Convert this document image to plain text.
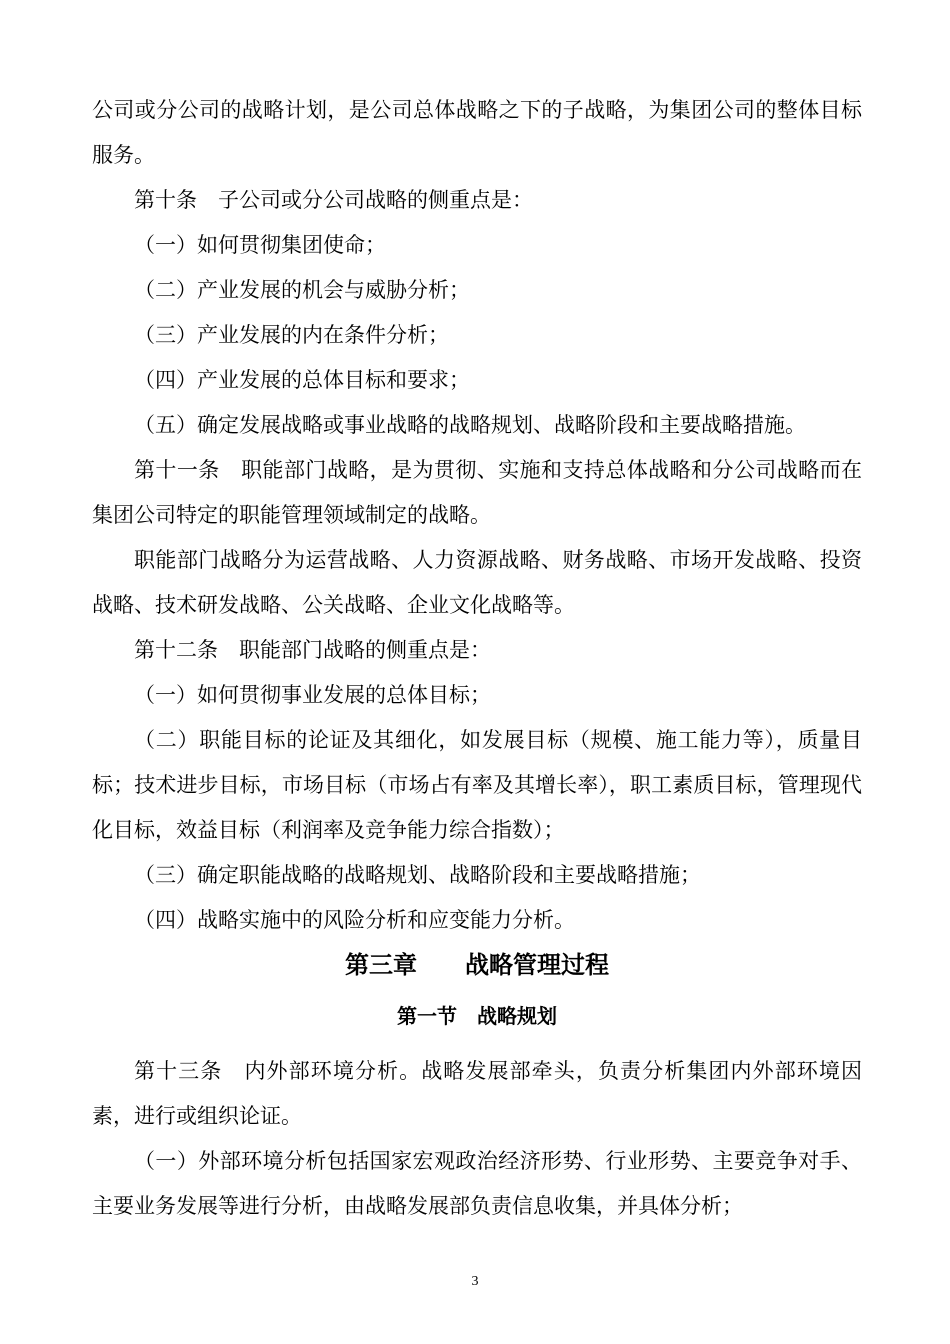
公司或分公司的战略计划，是公司总体战略之下的子战略，为集团公司的整体目标服务。

第十条　子公司或分公司战略的侧重点是：

（一）如何贯彻集团使命；

（二）产业发展的机会与威胁分析；

（三）产业发展的内在条件分析；

（四）产业发展的总体目标和要求；

（五）确定发展战略或事业战略的战略规划、战略阶段和主要战略措施。

第十一条　职能部门战略，是为贯彻、实施和支持总体战略和分公司战略而在集团公司特定的职能管理领域制定的战略。

职能部门战略分为运营战略、人力资源战略、财务战略、市场开发战略、投资战略、技术研发战略、公关战略、企业文化战略等。

第十二条　职能部门战略的侧重点是：

（一）如何贯彻事业发展的总体目标；

（二）职能目标的论证及其细化，如发展目标（规模、施工能力等），质量目标；技术进步目标，市场目标（市场占有率及其增长率），职工素质目标，管理现代化目标，效益目标（利润率及竞争能力综合指数）；

（三）确定职能战略的战略规划、战略阶段和主要战略措施；

（四）战略实施中的风险分析和应变能力分析。

第三章　　战略管理过程
第一节　战略规划

第十三条　内外部环境分析。战略发展部牵头，负责分析集团内外部环境因素，进行或组织论证。

（一）外部环境分析包括国家宏观政治经济形势、行业形势、主要竞争对手、主要业务发展等进行分析，由战略发展部负责信息收集，并具体分析；

3
